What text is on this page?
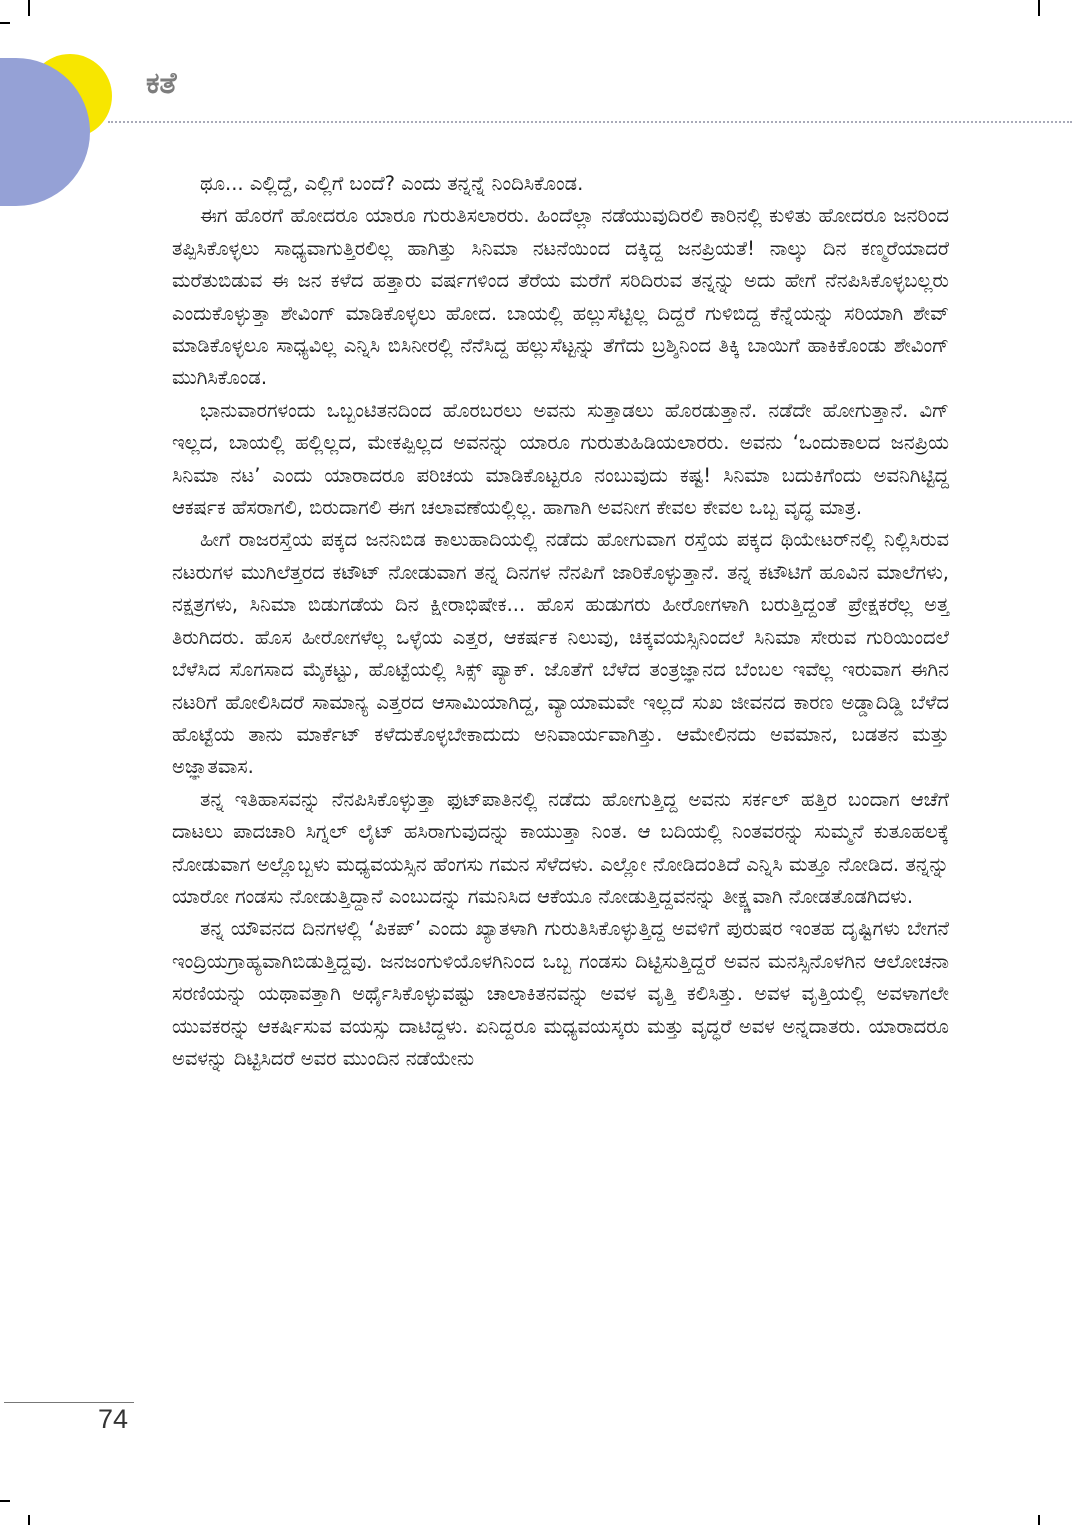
ಕತೆ

ಥೂ... ಎಲ್ಲಿದ್ದೆ, ಎಲ್ಲಿಗೆ ಬಂದೆ? ಎಂದು ತನ್ನನ್ನೆ ನಿಂದಿಸಿಕೊಂಡ.

ಈಗ ಹೊರಗೆ ಹೋದರೂ ಯಾರೂ ಗುರುತಿಸಲಾರರು. ಹಿಂದೆಲ್ಲಾ ನಡೆಯುವುದಿರಲಿ ಕಾರಿನಲ್ಲಿ ಕುಳಿತು ಹೋದರೂ ಜನರಿಂದ ತಪ್ಪಿಸಿಕೊಳ್ಳಲು ಸಾಧ್ಯವಾಗುತ್ತಿರಲಿಲ್ಲ ಹಾಗಿತ್ತು ಸಿನಿಮಾ ನಟನೆಯಿಂದ ದಕ್ಕಿದ್ದ ಜನಪ್ರಿಯತೆ! ನಾಲ್ಕು ದಿನ ಕಣ್ಮರೆಯಾದರೆ ಮರೆತುಬಿಡುವ ಈ ಜನ ಕಳೆದ ಹತ್ತಾರು ವರ್ಷಗಳಿಂದ ತೆರೆಯ ಮರೆಗೆ ಸರಿದಿರುವ ತನ್ನನ್ನು ಅದು ಹೇಗೆ ನೆನಪಿಸಿಕೊಳ್ಳಬಲ್ಲರು ಎಂದುಕೊಳ್ಳುತ್ತಾ ಶೇವಿಂಗ್ ಮಾಡಿಕೊಳ್ಳಲು ಹೋದ. ಬಾಯಲ್ಲಿ ಹಲ್ಲುಸೆಟ್ಟಿಲ್ಲ ದಿದ್ದರೆ ಗುಳಿಬಿದ್ದ ಕೆನ್ನೆಯನ್ನು ಸರಿಯಾಗಿ ಶೇವ್ ಮಾಡಿಕೊಳ್ಳಲೂ ಸಾಧ್ಯವಿಲ್ಲ ಎನ್ನಿಸಿ ಬಿಸಿನೀರಲ್ಲಿ ನೆನೆಸಿದ್ದ ಹಲ್ಲುಸೆಟ್ಟನ್ನು ತೆಗೆದು ಬ್ರಶ್ಶಿನಿಂದ ತಿಕ್ಕಿ ಬಾಯಿಗೆ ಹಾಕಿಕೊಂಡು ಶೇವಿಂಗ್ ಮುಗಿಸಿಕೊಂಡ.

ಭಾನುವಾರಗಳಂದು ಒಬ್ಬಂಟಿತನದಿಂದ ಹೊರಬರಲು ಅವನು ಸುತ್ತಾಡಲು ಹೊರಡುತ್ತಾನೆ. ನಡೆದೇ ಹೋಗುತ್ತಾನೆ. ವಿಗ್ ಇಲ್ಲದ, ಬಾಯಲ್ಲಿ ಹಲ್ಲಿಲ್ಲದ, ಮೇಕಪ್ಪಿಲ್ಲದ ಅವನನ್ನು ಯಾರೂ ಗುರುತುಹಿಡಿಯಲಾರರು. ಅವನು ‘ಒಂದುಕಾಲದ ಜನಪ್ರಿಯ ಸಿನಿಮಾ ನಟ’ ಎಂದು ಯಾರಾದರೂ ಪರಿಚಯ ಮಾಡಿಕೊಟ್ಟರೂ ನಂಬುವುದು ಕಷ್ಟ! ಸಿನಿಮಾ ಬದುಕಿಗೆಂದು ಅವನಿಗಿಟ್ಟಿದ್ದ ಆಕರ್ಷಕ ಹೆಸರಾಗಲಿ, ಬಿರುದಾಗಲಿ ಈಗ ಚಲಾವಣೆಯಲ್ಲಿಲ್ಲ. ಹಾಗಾಗಿ ಅವನೀಗ ಕೇವಲ ಕೇವಲ ಒಬ್ಬ ವೃದ್ಧ ಮಾತ್ರ.

ಹೀಗೆ ರಾಜರಸ್ತೆಯ ಪಕ್ಕದ ಜನನಿಬಿಡ ಕಾಲುಹಾದಿಯಲ್ಲಿ ನಡೆದು ಹೋಗುವಾಗ ರಸ್ತೆಯ ಪಕ್ಕದ ಥಿಯೇಟರ್‌ನಲ್ಲಿ ನಿಲ್ಲಿಸಿರುವ ನಟರುಗಳ ಮುಗಿಲೆತ್ತರದ ಕಟೌಟ್ ನೋಡುವಾಗ ತನ್ನ ದಿನಗಳ ನೆನಪಿಗೆ ಜಾರಿಕೊಳ್ಳುತ್ತಾನೆ. ತನ್ನ ಕಟೌಟಿಗೆ ಹೂವಿನ ಮಾಲೆಗಳು, ನಕ್ಷತ್ರಗಳು, ಸಿನಿಮಾ ಬಿಡುಗಡೆಯ ದಿನ ಕ್ಷೀರಾಭಿಷೇಕ... ಹೊಸ ಹುಡುಗರು ಹೀರೋಗಳಾಗಿ ಬರುತ್ತಿದ್ದಂತೆ ಪ್ರೇಕ್ಷಕರೆಲ್ಲ ಅತ್ತ ತಿರುಗಿದರು. ಹೊಸ ಹೀರೋಗಳೆಲ್ಲ ಒಳ್ಳೆಯ ಎತ್ತರ, ಆಕರ್ಷಕ ನಿಲುವು, ಚಿಕ್ಕವಯಸ್ಸಿನಿಂದಲೆ ಸಿನಿಮಾ ಸೇರುವ ಗುರಿಯಿಂದಲೆ ಬೆಳೆಸಿದ ಸೊಗಸಾದ ಮೈಕಟ್ಟು, ಹೊಟ್ಟೆಯಲ್ಲಿ ಸಿಕ್ಸ್ ಪ್ಯಾಕ್. ಜೊತೆಗೆ ಬೆಳೆದ ತಂತ್ರಜ್ಞಾನದ ಬೆಂಬಲ ಇವೆಲ್ಲ ಇರುವಾಗ ಈಗಿನ ನಟರಿಗೆ ಹೋಲಿಸಿದರೆ ಸಾಮಾನ್ಯ ಎತ್ತರದ ಆಸಾಮಿಯಾಗಿದ್ದ, ವ್ಯಾಯಾಮವೇ ಇಲ್ಲದೆ ಸುಖ ಜೀವನದ ಕಾರಣ ಅಡ್ಡಾದಿಡ್ಡಿ ಬೆಳೆದ ಹೊಟ್ಟೆಯ ತಾನು ಮಾರ್ಕೆಟ್ ಕಳೆದುಕೊಳ್ಳಬೇಕಾದುದು ಅನಿವಾರ್ಯವಾಗಿತ್ತು. ಆಮೇಲಿನದು ಅವಮಾನ, ಬಡತನ ಮತ್ತು ಅಜ್ಞಾತವಾಸ.

ತನ್ನ ಇತಿಹಾಸವನ್ನು ನೆನಪಿಸಿಕೊಳ್ಳುತ್ತಾ ಫುಟ್‌ಪಾತಿನಲ್ಲಿ ನಡೆದು ಹೋಗುತ್ತಿದ್ದ ಅವನು ಸರ್ಕಲ್ ಹತ್ತಿರ ಬಂದಾಗ ಆಚೆಗೆ ದಾಟಲು ಪಾದಚಾರಿ ಸಿಗ್ನಲ್ ಲೈಟ್ ಹಸಿರಾಗುವುದನ್ನು ಕಾಯುತ್ತಾ ನಿಂತ. ಆ ಬದಿಯಲ್ಲಿ ನಿಂತವರನ್ನು ಸುಮ್ಮನೆ ಕುತೂಹಲಕ್ಕೆ ನೋಡುವಾಗ ಅಲ್ಲೊಬ್ಬಳು ಮಧ್ಯವಯಸ್ಸಿನ ಹೆಂಗಸು ಗಮನ ಸೆಳೆದಳು. ಎಲ್ಲೋ ನೋಡಿದಂತಿದೆ ಎನ್ನಿಸಿ ಮತ್ತೂ ನೋಡಿದ. ತನ್ನನ್ನು ಯಾರೋ ಗಂಡಸು ನೋಡುತ್ತಿದ್ದಾನೆ ಎಂಬುದನ್ನು ಗಮನಿಸಿದ ಆಕೆಯೂ ನೋಡುತ್ತಿದ್ದವನನ್ನು ತೀಕ್ಷ್ಣವಾಗಿ ನೋಡತೊಡಗಿದಳು.

ತನ್ನ ಯೌವನದ ದಿನಗಳಲ್ಲಿ ‘ಪಿಕಪ್’ ಎಂದು ಖ್ಯಾತಳಾಗಿ ಗುರುತಿಸಿಕೊಳ್ಳುತ್ತಿದ್ದ ಅವಳಿಗೆ ಪುರುಷರ ಇಂತಹ ದೃಷ್ಟಿಗಳು ಬೇಗನೆ ಇಂದ್ರಿಯಗ್ರಾಹ್ಯವಾಗಿಬಿಡುತ್ತಿದ್ದವು. ಜನಜಂಗುಳಿಯೊಳಗಿನಿಂದ ಒಬ್ಬ ಗಂಡಸು ದಿಟ್ಟಿಸುತ್ತಿದ್ದರೆ ಅವನ ಮನಸ್ಸಿನೊಳಗಿನ ಆಲೋಚನಾ ಸರಣಿಯನ್ನು ಯಥಾವತ್ತಾಗಿ ಅರ್ಥೈಸಿಕೊಳ್ಳುವಷ್ಟು ಚಾಲಾಕಿತನವನ್ನು ಅವಳ ವೃತ್ತಿ ಕಲಿಸಿತ್ತು. ಅವಳ ವೃತ್ತಿಯಲ್ಲಿ ಅವಳಾಗಲೇ ಯುವಕರನ್ನು ಆಕರ್ಷಿಸುವ ವಯಸ್ಸು ದಾಟಿದ್ದಳು. ಏನಿದ್ದರೂ ಮಧ್ಯವಯಸ್ಕರು ಮತ್ತು ವೃದ್ಧರೆ ಅವಳ ಅನ್ನದಾತರು. ಯಾರಾದರೂ ಅವಳನ್ನು ದಿಟ್ಟಿಸಿದರೆ ಅವರ ಮುಂದಿನ ನಡೆಯೇನು

74
